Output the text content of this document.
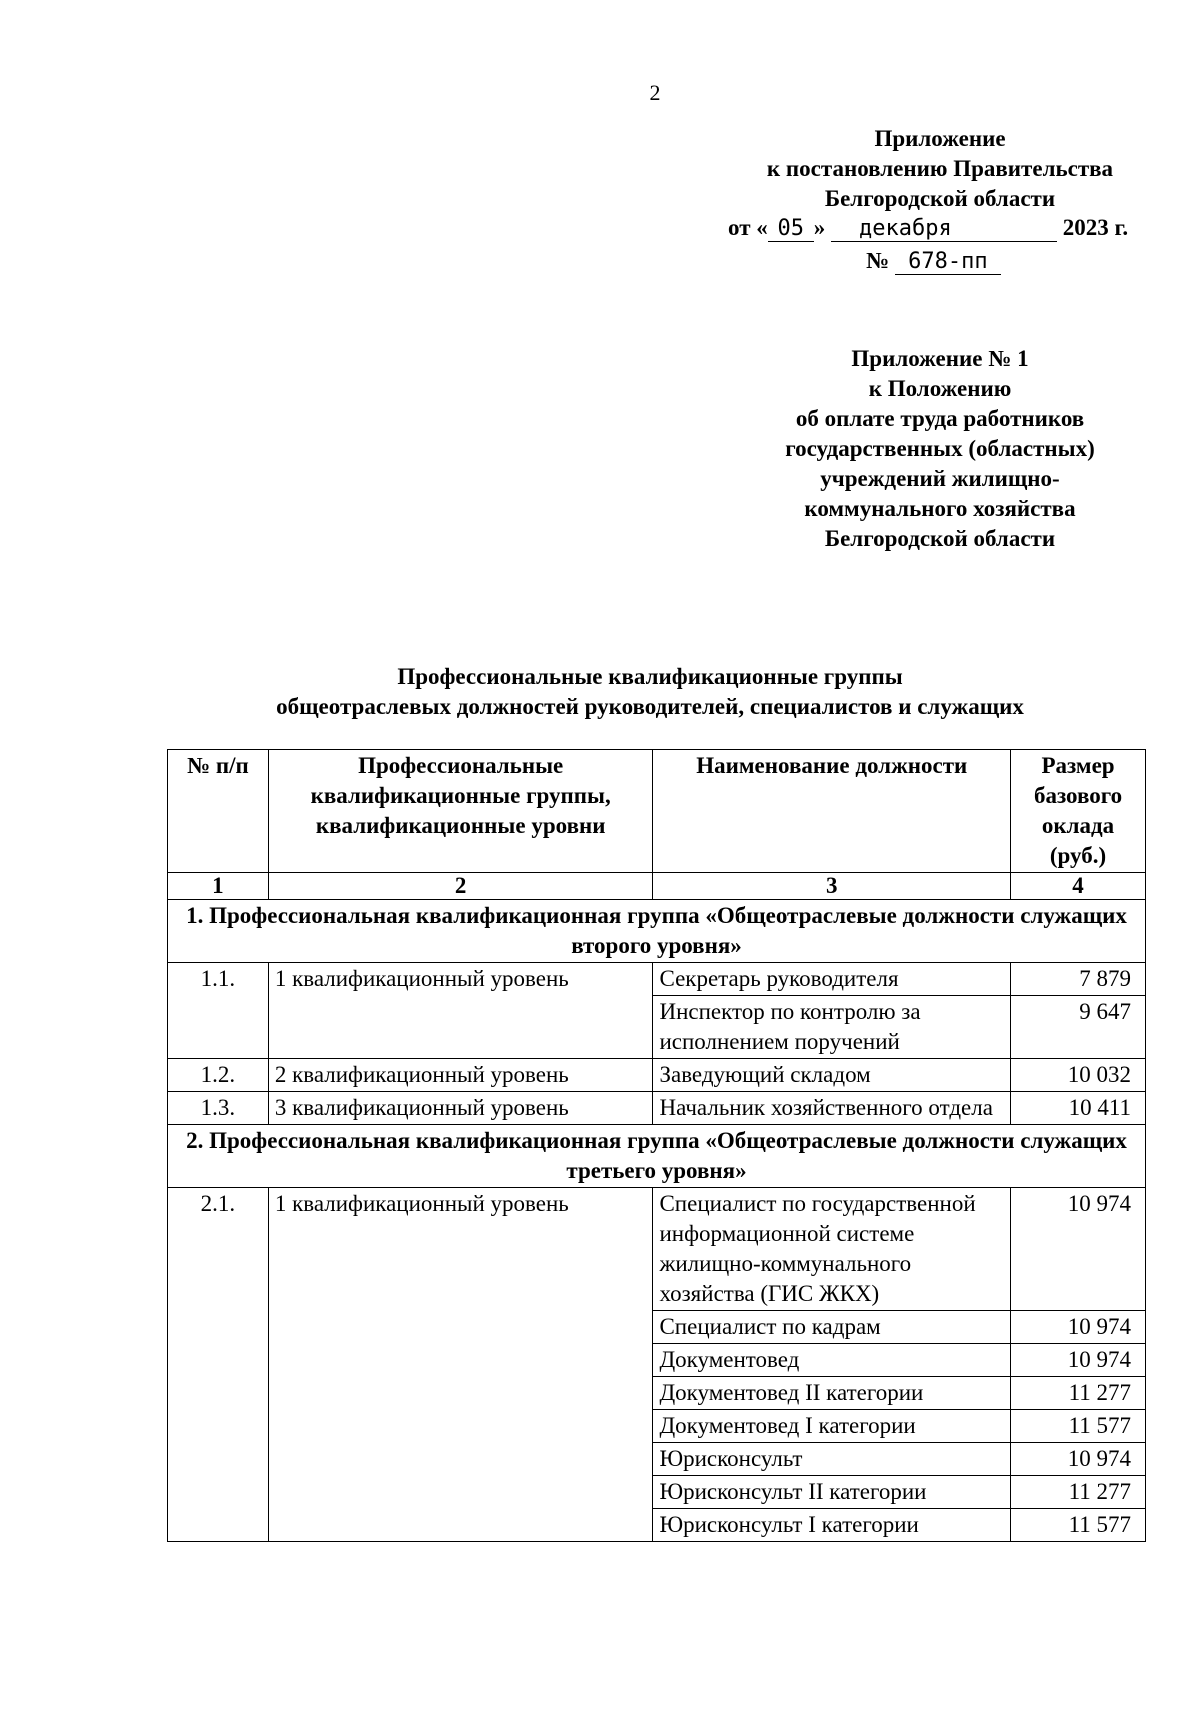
2
Приложение
к постановлению Правительства
Белгородской области
от « 05 » декабря	2023 г.
№ 678-пп
Приложение № 1
к Положению
об оплате труда работников
государственных (областных)
учреждений жилищно-
коммунального хозяйства
Белгородской области
Профессиональные квалификационные группы
общеотраслевых должностей руководителей, специалистов и служащих
№ п/п	Профессиональные квалификационные группы, квалификационные уровни	Наименование должности	Размер базового оклада (руб.)
1	2	3	4
1. Профессиональная квалификационная группа «Общеотраслевые должности служащих второго уровня»			
1.1.	1 квалификационный уровень	Секретарь руководителя	7 879
		Инспектор по контролю за исполнением поручений	9 647
1.2.	2 квалификационный уровень	Заведующий складом	10 032
1.3.	3 квалификационный уровень	Начальник хозяйственного отдела	10 411
2. Профессиональная квалификационная группа «Общеотраслевые должности служащих третьего уровня»			
2.1.	1 квалификационный уровень	Специалист по государственной информационной системе жилищно-коммунального хозяйства (ГИС ЖКХ)	10 974
		Специалист по кадрам	10 974
		Документовед	10 974
		Документовед II категории	11 277
		Документовед I категории	11 577
		Юрисконсульт	10 974
		Юрисконсульт II категории	11 277
		Юрисконсульт I категории	11 577
